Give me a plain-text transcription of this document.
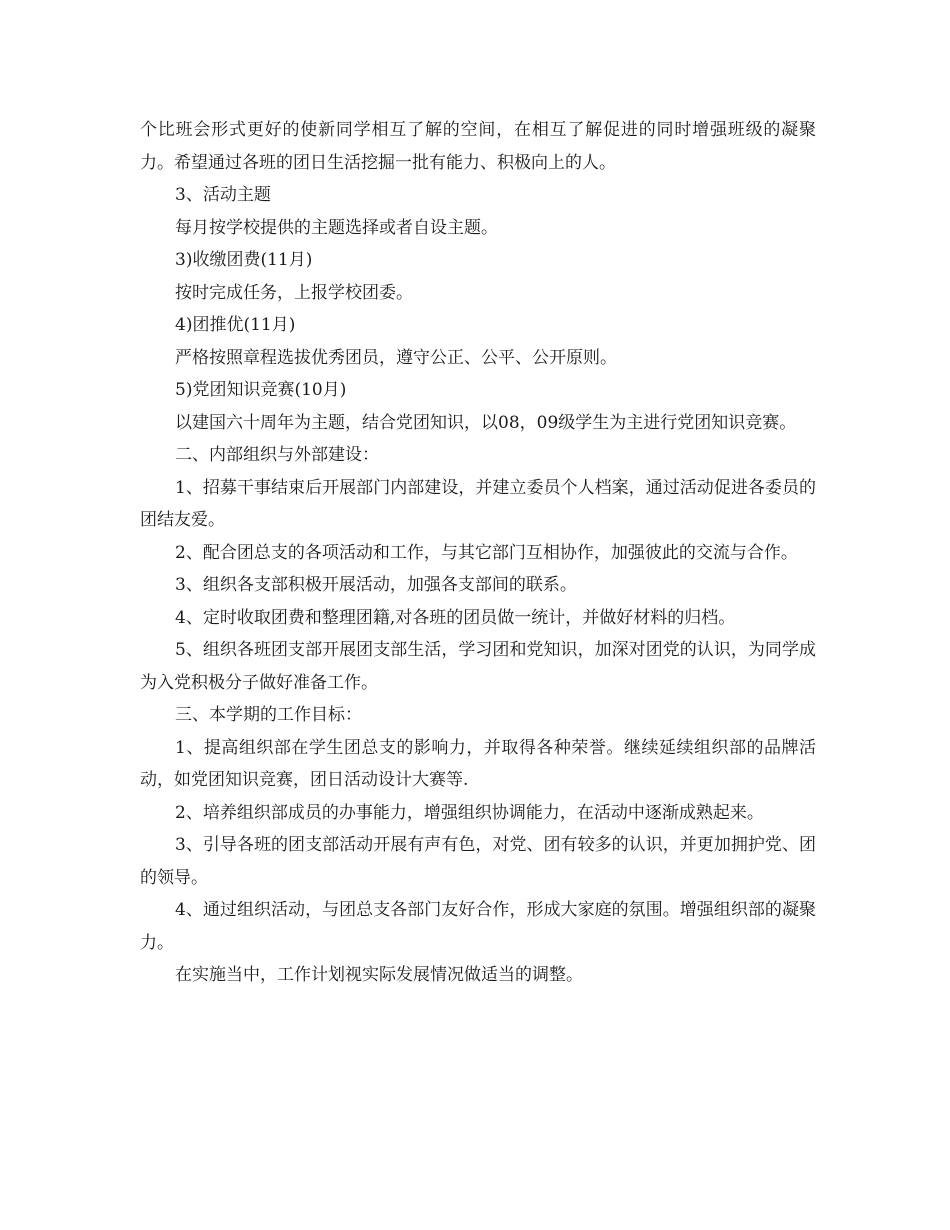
个比班会形式更好的使新同学相互了解的空间，在相互了解促进的同时增强班级的凝聚力。希望通过各班的团日生活挖掘一批有能力、积极向上的人。

3、活动主题

每月按学校提供的主题选择或者自设主题。

3)收缴团费(11月)

按时完成任务，上报学校团委。

4)团推优(11月)

严格按照章程选拔优秀团员，遵守公正、公平、公开原则。

5)党团知识竞赛(10月)

以建国六十周年为主题，结合党团知识，以08，09级学生为主进行党团知识竞赛。

二、内部组织与外部建设：

1、招募干事结束后开展部门内部建设，并建立委员个人档案，通过活动促进各委员的团结友爱。

2、配合团总支的各项活动和工作，与其它部门互相协作，加强彼此的交流与合作。

3、组织各支部积极开展活动，加强各支部间的联系。

4、定时收取团费和整理团籍,对各班的团员做一统计，并做好材料的归档。

5、组织各班团支部开展团支部生活，学习团和党知识，加深对团党的认识，为同学成为入党积极分子做好准备工作。

三、本学期的工作目标：

1、提高组织部在学生团总支的影响力，并取得各种荣誉。继续延续组织部的品牌活动，如党团知识竞赛，团日活动设计大赛等.

2、培养组织部成员的办事能力，增强组织协调能力，在活动中逐渐成熟起来。

3、引导各班的团支部活动开展有声有色，对党、团有较多的认识，并更加拥护党、团的领导。

4、通过组织活动，与团总支各部门友好合作，形成大家庭的氛围。增强组织部的凝聚力。

在实施当中，工作计划视实际发展情况做适当的调整。
